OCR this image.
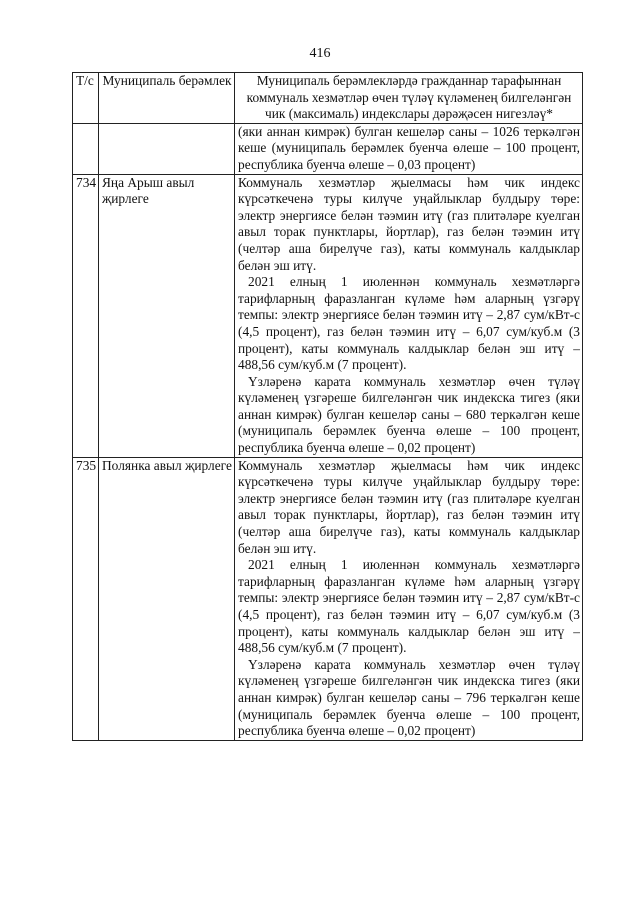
416
Т/с	Муниципаль берәмлек	Муниципаль берәмлекләрдә гражданнар тарафыннан коммуналь хезмәтләр өчен түләү күләменең билгеләнгән чик (максималь) индекслары дәрәҗәсен нигезләү*

		(яки аннан кимрәк) булган кешеләр саны – 1026 теркәлгән кеше (муниципаль берәмлек буенча өлеше – 100 процент, республика буенча өлеше – 0,03 процент)

734	Яңа Арыш авыл җирлеге	Коммуналь хезмәтләр җыелмасы һәм чик индекс күрсәткеченә туры килүче уңайлыклар булдыру төре: электр энергиясе белән тәэмин итү (газ плитәләре куелган авыл торак пунктлары, йортлар), газ белән тәэмин итү (челтәр аша бирелүче газ), каты коммуналь калдыклар белән эш итү.

2021 елның 1 июленнән коммуналь хезмәтләргә тарифларның фаразланган күләме һәм аларның үзгәрү темпы: электр энергиясе белән тәэмин итү – 2,87 сум/кВт-с (4,5 процент), газ белән тәэмин итү – 6,07 сум/куб.м (3 процент), каты коммуналь калдыклар белән эш итү – 488,56 сум/куб.м (7 процент).

Үзләренә карата коммуналь хезмәтләр өчен түләү күләменең үзгәреше билгеләнгән чик индекска тигез (яки аннан кимрәк) булган кешеләр саны – 680 теркәлгән кеше (муниципаль берәмлек буенча өлеше – 100 процент, республика буенча өлеше – 0,02 процент)

735	Полянка авыл җирлеге	Коммуналь хезмәтләр җыелмасы һәм чик индекс күрсәткеченә туры килүче уңайлыклар булдыру төре: электр энергиясе белән тәэмин итү (газ плитәләре куелган авыл торак пунктлары, йортлар), газ белән тәэмин итү (челтәр аша бирелүче газ), каты коммуналь калдыклар белән эш итү.

2021 елның 1 июленнән коммуналь хезмәтләргә тарифларның фаразланган күләме һәм аларның үзгәрү темпы: электр энергиясе белән тәэмин итү – 2,87 сум/кВт-с (4,5 процент), газ белән тәэмин итү – 6,07 сум/куб.м (3 процент), каты коммуналь калдыклар белән эш итү – 488,56 сум/куб.м (7 процент).

Үзләренә карата коммуналь хезмәтләр өчен түләү күләменең үзгәреше билгеләнгән чик индекска тигез (яки аннан кимрәк) булган кешеләр саны – 796 теркәлгән кеше (муниципаль берәмлек буенча өлеше – 100 процент, республика буенча өлеше – 0,02 процент)
